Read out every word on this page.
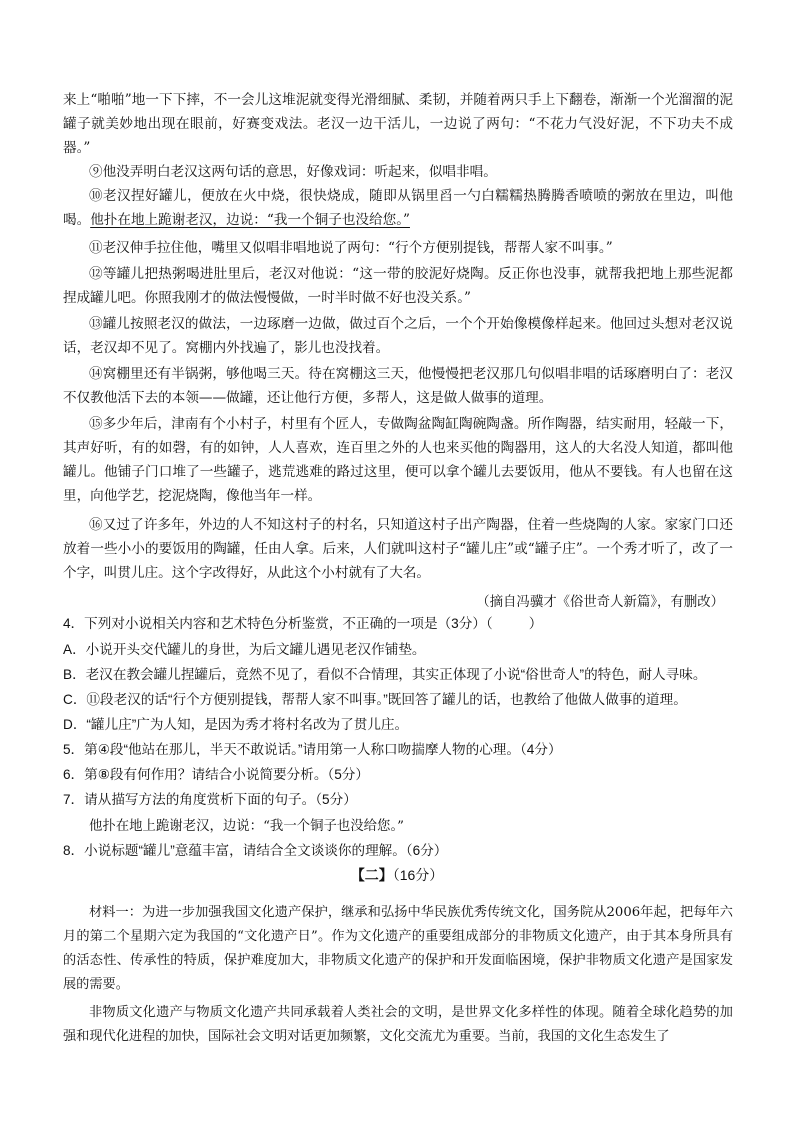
来上“啪啪”地一下下摔，不一会儿这堆泥就变得光滑细腻、柔韧，并随着两只手上下翻卷，渐渐一个光溜溜的泥罐子就美妙地出现在眼前，好赛变戏法。老汉一边干活儿，一边说了两句：“不花力气没好泥，不下功夫不成器。”

⑨他没弄明白老汉这两句话的意思，好像戏词：听起来，似唱非唱。

⑩老汉捏好罐儿，便放在火中烧，很快烧成，随即从锅里舀一勺白糯糯热腾腾香喷喷的粥放在里边，叫他喝。他扑在地上跪谢老汉，边说：“我一个铜子也没给您。”

⑪老汉伸手拉住他，嘴里又似唱非唱地说了两句：“行个方便别提钱，帮帮人家不叫事。”

⑫等罐儿把热粥喝进肚里后，老汉对他说：“这一带的胶泥好烧陶。反正你也没事，就帮我把地上那些泥都捏成罐儿吧。你照我刚才的做法慢慢做，一时半时做不好也没关系。”

⑬罐儿按照老汉的做法，一边琢磨一边做，做过百个之后，一个个开始像模像样起来。他回过头想对老汉说话，老汉却不见了。窝棚内外找遍了，影儿也没找着。

⑭窝棚里还有半锅粥，够他喝三天。待在窝棚这三天，他慢慢把老汉那几句似唱非唱的话琢磨明白了：老汉不仅教他活下去的本领——做罐，还让他行方便，多帮人，这是做人做事的道理。

⑮多少年后，津南有个小村子，村里有个匠人，专做陶盆陶缸陶碗陶盏。所作陶器，结实耐用，轻敲一下，其声好听，有的如磬，有的如钟，人人喜欢，连百里之外的人也来买他的陶器用，这人的大名没人知道，都叫他罐儿。他铺子门口堆了一些罐子，逃荒逃难的路过这里，便可以拿个罐儿去要饭用，他从不要钱。有人也留在这里，向他学艺，挖泥烧陶，像他当年一样。

⑯又过了许多年，外边的人不知这村子的村名，只知道这村子出产陶器，住着一些烧陶的人家。家家门口还放着一些小小的要饭用的陶罐，任由人拿。后来，人们就叫这村子“罐儿庄”或“罐子庄”。一个秀才听了，改了一个字，叫贯儿庄。这个字改得好，从此这个小村就有了大名。

（摘自冯骥才《俗世奇人新篇》，有删改）
4．下列对小说相关内容和艺术特色分析鉴赏，不正确的一项是（3分）（	）
A．小说开头交代罐儿的身世，为后文罐儿遇见老汉作铺垫。
B．老汉在教会罐儿捏罐后，竟然不见了，看似不合情理，其实正体现了小说“俗世奇人”的特色，耐人寻味。
C．⑪段老汉的话“行个方便别提钱，帮帮人家不叫事。”既回答了罐儿的话，也教给了他做人做事的道理。
D．“罐儿庄”广为人知，是因为秀才将村名改为了贯儿庄。
5．第④段“他站在那儿，半天不敢说话。”请用第一人称口吻揣摩人物的心理。（4分）
6．第⑧段有何作用？请结合小说简要分析。（5分）
7．请从描写方法的角度赏析下面的句子。（5分）
他扑在地上跪谢老汉，边说：“我一个铜子也没给您。”
8．小说标题“罐儿”意蕴丰富，请结合全文谈谈你的理解。（6分）
【二】（16分）

材料一：为进一步加强我国文化遗产保护，继承和弘扬中华民族优秀传统文化，国务院从2006年起，把每年六月的第二个星期六定为我国的“文化遗产日”。作为文化遗产的重要组成部分的非物质文化遗产，由于其本身所具有的活态性、传承性的特质，保护难度加大，非物质文化遗产的保护和开发面临困境，保护非物质文化遗产是国家发展的需要。

非物质文化遗产与物质文化遗产共同承载着人类社会的文明，是世界文化多样性的体现。随着全球化趋势的加强和现代化进程的加快，国际社会文明对话更加频繁，文化交流尤为重要。当前，我国的文化生态发生了
